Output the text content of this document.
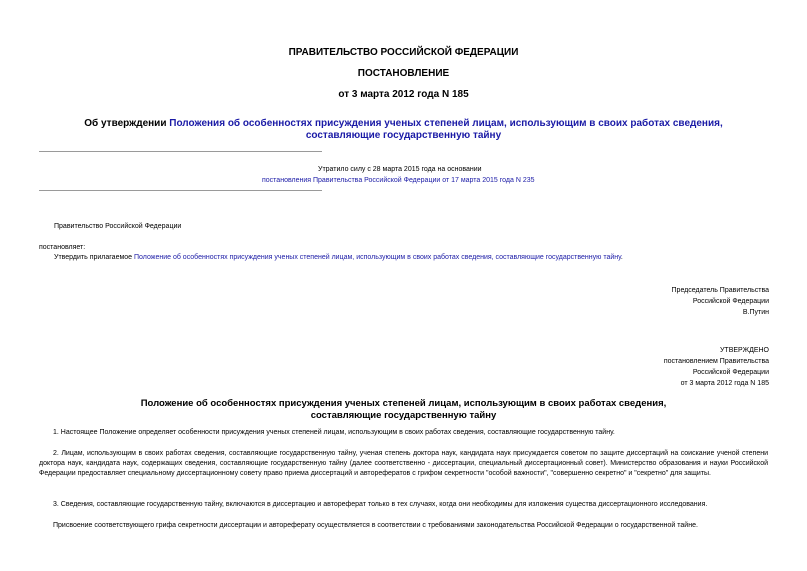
ПРАВИТЕЛЬСТВО РОССИЙСКОЙ ФЕДЕРАЦИИ
ПОСТАНОВЛЕНИЕ
от 3 марта 2012 года N 185
Об утверждении Положения об особенностях присуждения ученых степеней лицам, использующим в своих работах сведения,
составляющие государственную тайну
Утратило силу с 28 марта 2015 года на основании
постановления Правительства Российской Федерации от 17 марта 2015 года N 235
Правительство Российской Федерации
постановляет:
Утвердить прилагаемое Положение об особенностях присуждения ученых степеней лицам, использующим в своих работах сведения, составляющие государственную тайну.
Председатель Правительства
Российской Федерации
В.Путин
УТВЕРЖДЕНО
постановлением Правительства
Российской Федерации
от 3 марта 2012 года N 185
Положение об особенностях присуждения ученых степеней лицам, использующим в своих работах сведения,
составляющие государственную тайну
1. Настоящее Положение определяет особенности присуждения ученых степеней лицам, использующим в своих работах сведения, составляющие государственную тайну.
2. Лицам, использующим в своих работах сведения, составляющие государственную тайну, ученая степень доктора наук, кандидата наук присуждается советом по защите диссертаций на соискание ученой степени доктора наук, кандидата наук, содержащих сведения, составляющие государственную тайну (далее соответственно - диссертации, специальный диссертационный совет). Министерство образования и науки Российской Федерации предоставляет специальному диссертационному совету право приема диссертаций и авторефератов с грифом секретности "особой важности", "совершенно секретно" и "секретно" для защиты.
3. Сведения, составляющие государственную тайну, включаются в диссертацию и автореферат только в тех случаях, когда они необходимы для изложения существа диссертационного исследования.
Присвоение соответствующего грифа секретности диссертации и автореферату осуществляется в соответствии с требованиями законодательства Российской Федерации о государственной тайне.
